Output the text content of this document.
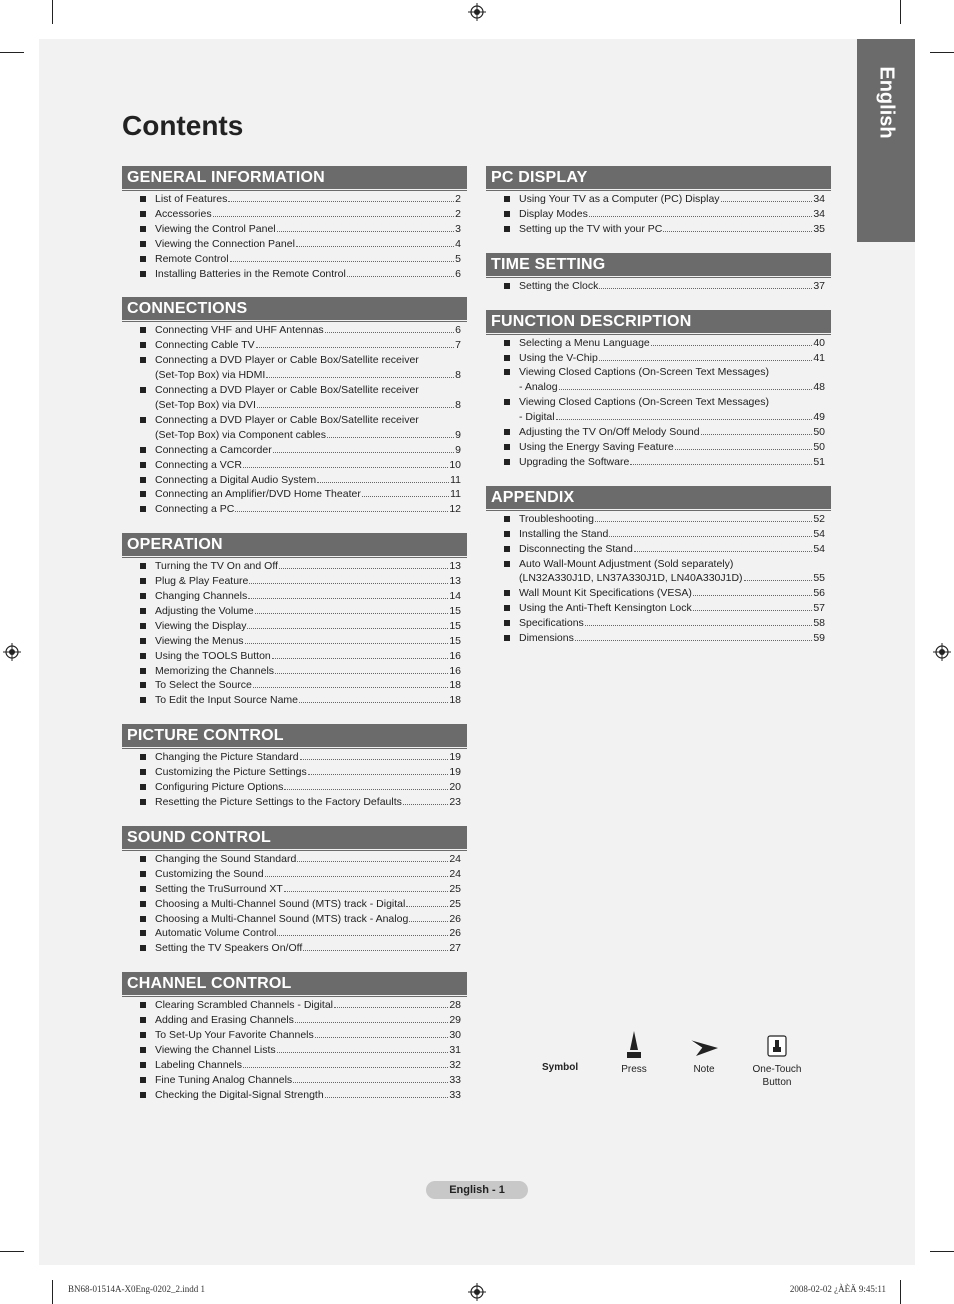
English
Contents
GENERAL INFORMATION
List of Features	2
Accessories	2
Viewing the Control Panel	3
Viewing the Connection Panel	4
Remote Control	5
Installing Batteries in the Remote Control	6
CONNECTIONS
Connecting VHF and UHF Antennas	6
Connecting Cable TV	7
Connecting a DVD Player or Cable Box/Satellite receiver
(Set-Top Box) via HDMI	8
Connecting a DVD Player or Cable Box/Satellite receiver
(Set-Top Box) via DVI	8
Connecting a DVD Player or Cable Box/Satellite receiver
(Set-Top Box) via Component cables	9
Connecting a Camcorder	9
Connecting a VCR	10
Connecting a Digital Audio System	11
Connecting an Amplifier/DVD Home Theater	11
Connecting a PC	12
OPERATION
Turning the TV On and Off	13
Plug & Play Feature	13
Changing Channels	14
Adjusting the Volume	15
Viewing the Display	15
Viewing the Menus	15
Using the TOOLS Button	16
Memorizing the Channels	16
To Select the Source	18
To Edit the Input Source Name	18
PICTURE CONTROL
Changing the Picture Standard	19
Customizing the Picture Settings	19
Configuring Picture Options	20
Resetting the Picture Settings to the Factory Defaults	23
SOUND CONTROL
Changing the Sound Standard	24
Customizing the Sound	24
Setting the TruSurround XT	25
Choosing a Multi-Channel Sound (MTS) track - Digital	25
Choosing a Multi-Channel Sound (MTS) track - Analog	26
Automatic Volume Control	26
Setting the TV Speakers On/Off	27
CHANNEL CONTROL
Clearing Scrambled Channels - Digital	28
Adding and Erasing Channels	29
To Set-Up Your Favorite Channels	30
Viewing the Channel Lists	31
Labeling Channels	32
Fine Tuning Analog Channels	33
Checking the Digital-Signal Strength	33
PC DISPLAY
Using Your TV as a Computer (PC) Display	34
Display Modes	34
Setting up the TV with your PC	35
TIME SETTING
Setting the Clock	37
FUNCTION DESCRIPTION
Selecting a Menu Language	40
Using the V-Chip	41
Viewing Closed Captions (On-Screen Text Messages)
- Analog	48
Viewing Closed Captions (On-Screen Text Messages)
- Digital	49
Adjusting the TV On/Off Melody Sound	50
Using the Energy Saving Feature	50
Upgrading the Software	51
APPENDIX
Troubleshooting	52
Installing the Stand	54
Disconnecting the Stand	54
Auto Wall-Mount Adjustment (Sold separately)
(LN32A330J1D, LN37A330J1D, LN40A330J1D)	55
Wall Mount Kit Specifications (VESA)	56
Using the Anti-Theft Kensington Lock	57
Specifications	58
Dimensions	59
Symbol	Press	Note	One-Touch
Button
English - 1
BN68-01514A-X0Eng-0202_2.indd 1	2008-02-02 ¿ÀÈÄ 9:45:11
